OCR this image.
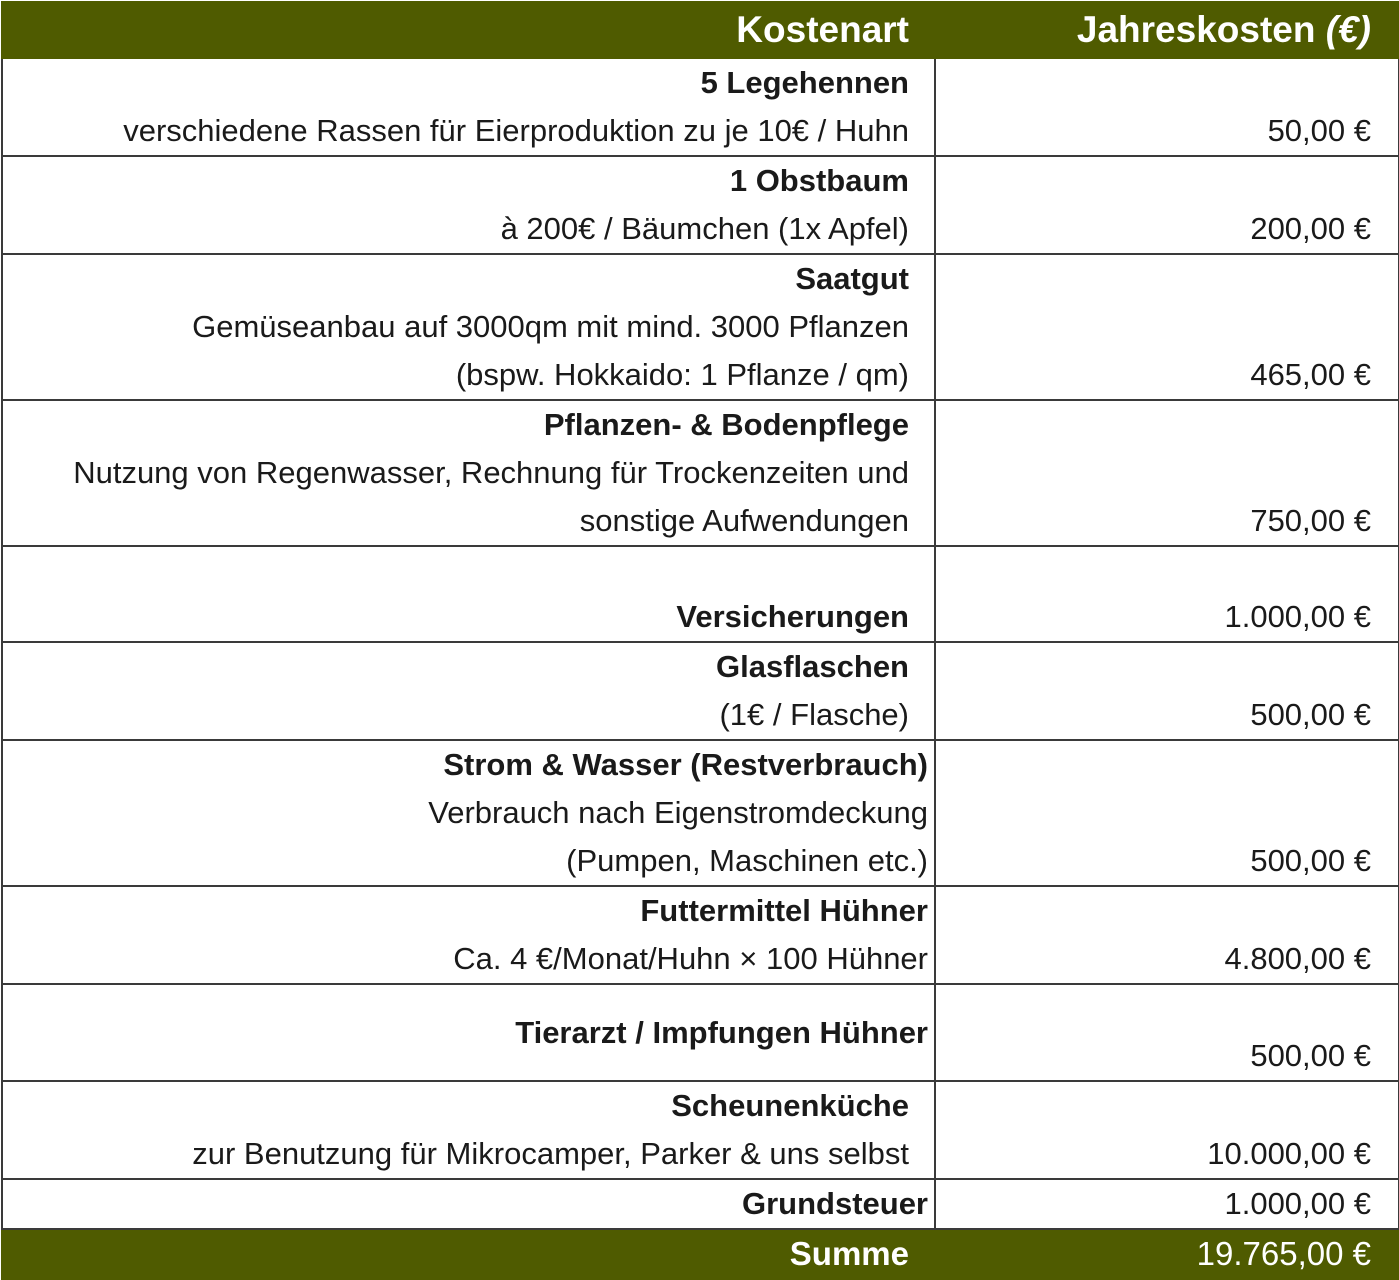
Kostenart	Jahreskosten (€)

5 Legehennen
verschiedene Rassen für Eierproduktion zu je 10€ / Huhn	50,00 €

1 Obstbaum
à 200€ / Bäumchen (1x Apfel)	200,00 €

Saatgut
Gemüseanbau auf 3000qm mit mind. 3000 Pflanzen
(bspw. Hokkaido: 1 Pflanze / qm)	465,00 €

Pflanzen- & Bodenpflege
Nutzung von Regenwasser, Rechnung für Trockenzeiten und
sonstige Aufwendungen	750,00 €

Versicherungen	1.000,00 €

Glasflaschen
(1€ / Flasche)	500,00 €

Strom & Wasser (Restverbrauch)
Verbrauch nach Eigenstromdeckung
(Pumpen, Maschinen etc.)	500,00 €

Futtermittel Hühner
Ca. 4 €/Monat/Huhn × 100 Hühner	4.800,00 €

Tierarzt / Impfungen Hühner	500,00 €

Scheunenküche
zur Benutzung für Mikrocamper, Parker & uns selbst	10.000,00 €

Grundsteuer	1.000,00 €
Summe	19.765,00 €
